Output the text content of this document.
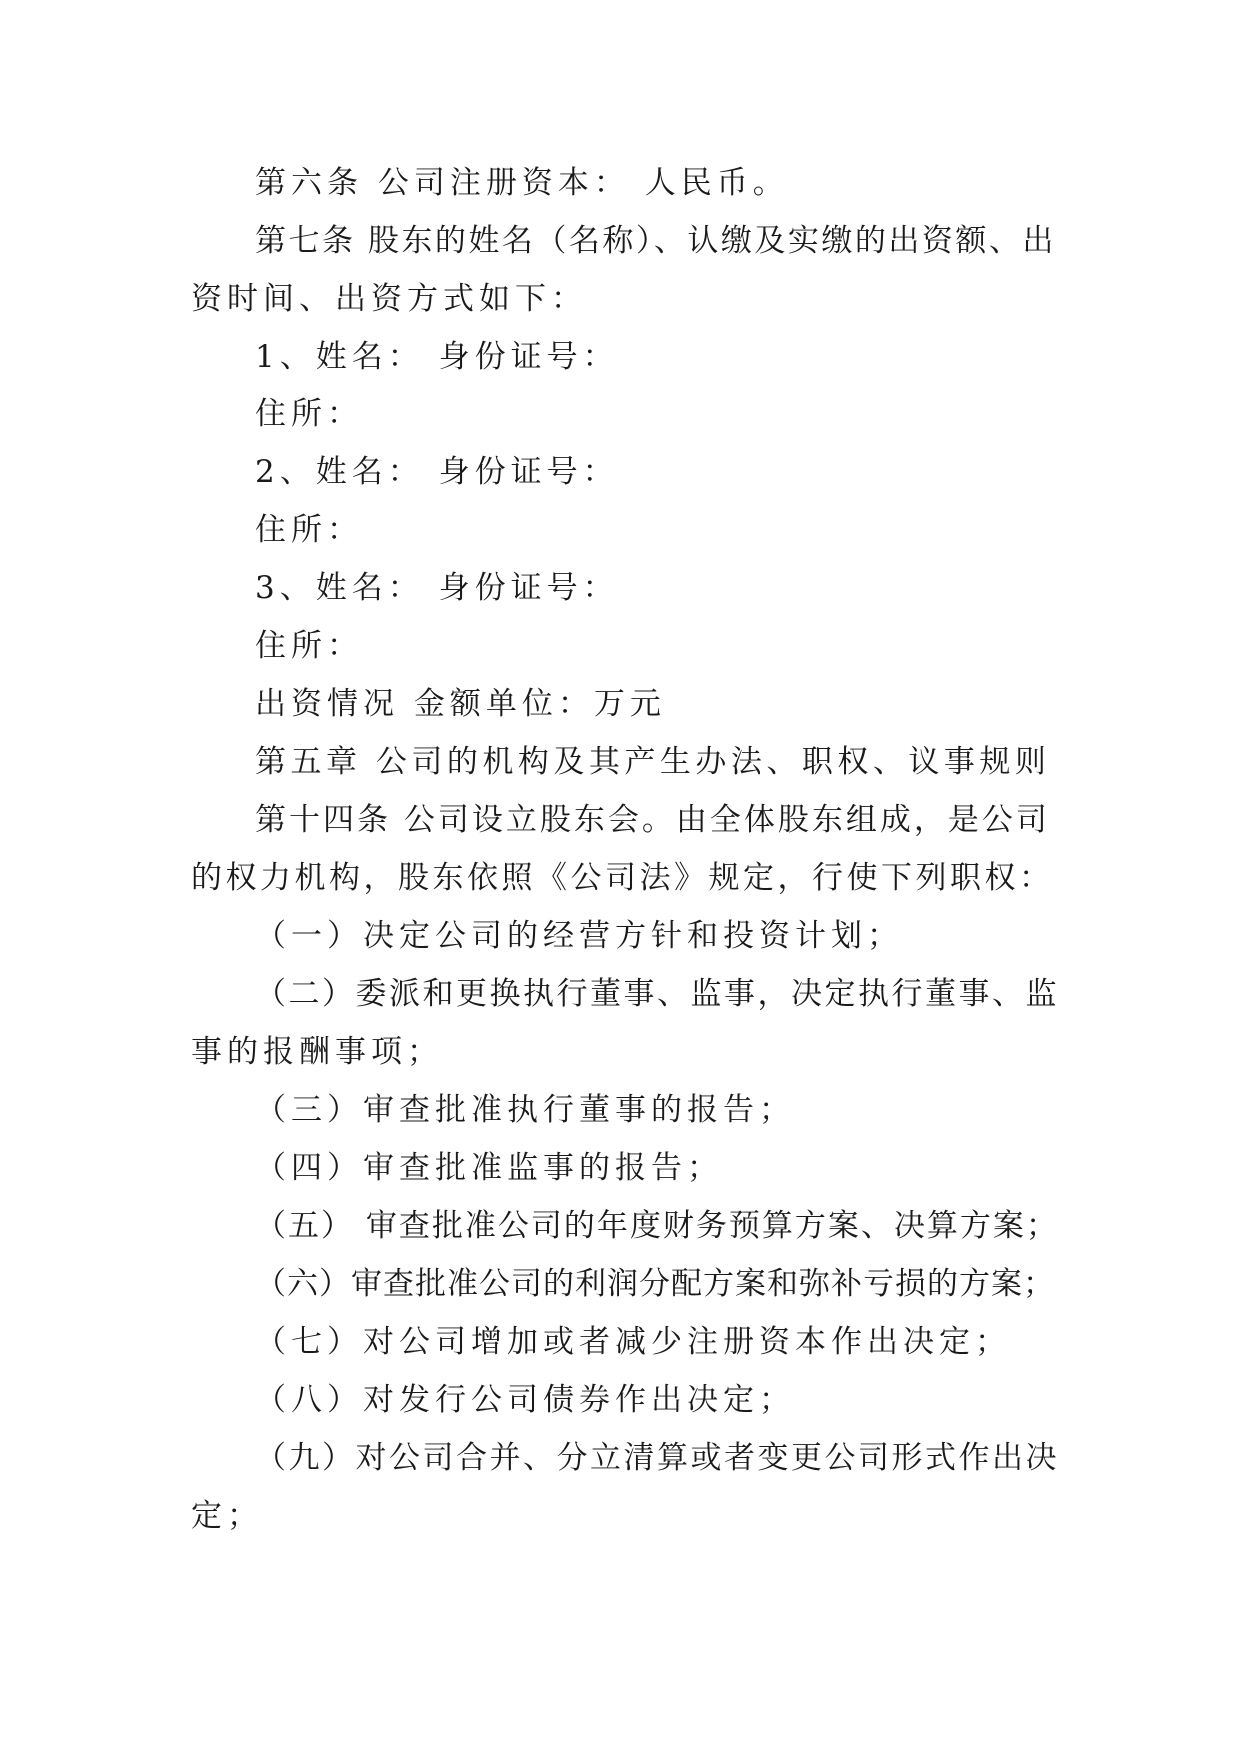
第六条 公司注册资本： 人民币。

第七条 股东的姓名（名称）、认缴及实缴的出资额、出

资时间、出资方式如下：

1、姓名： 身份证号：

住所：

2、姓名： 身份证号：

住所：

3、姓名： 身份证号：

住所：

出资情况 金额单位：万元

第五章 公司的机构及其产生办法、职权、议事规则

第十四条 公司设立股东会。由全体股东组成，是公司

的权力机构，股东依照《公司法》规定，行使下列职权：

（一）决定公司的经营方针和投资计划；

（二）委派和更换执行董事、监事，决定执行董事、监

事的报酬事项；

（三）审查批准执行董事的报告；

（四）审查批准监事的报告；

（五） 审查批准公司的年度财务预算方案、决算方案；

（六）审查批准公司的利润分配方案和弥补亏损的方案；

（七）对公司增加或者减少注册资本作出决定；

（八）对发行公司债券作出决定；

（九）对公司合并、分立清算或者变更公司形式作出决

定；
